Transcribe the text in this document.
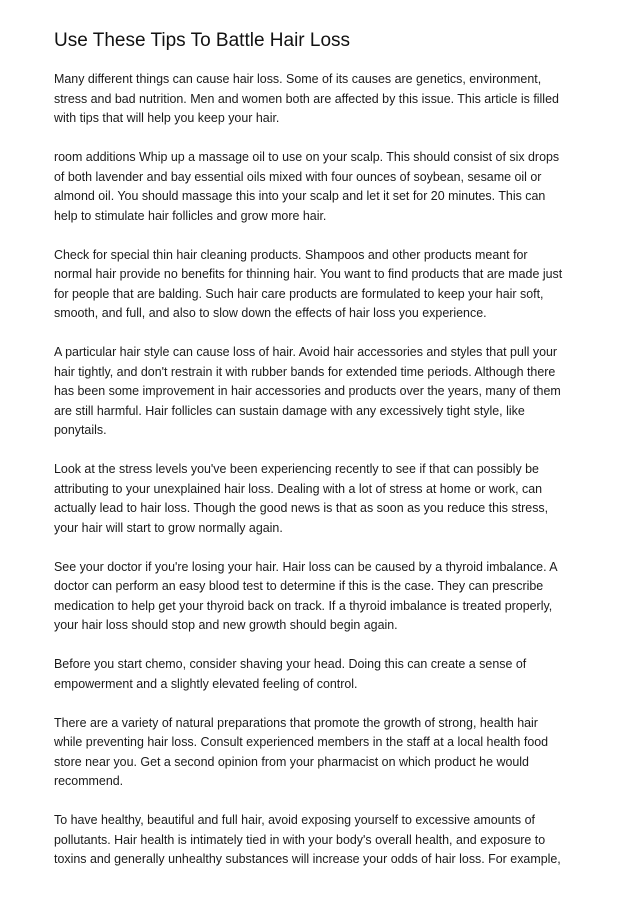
Use These Tips To Battle Hair Loss

Many different things can cause hair loss. Some of its causes are genetics, environment,
stress and bad nutrition. Men and women both are affected by this issue. This article is filled
with tips that will help you keep your hair.

room additions Whip up a massage oil to use on your scalp. This should consist of six drops
of both lavender and bay essential oils mixed with four ounces of soybean, sesame oil or
almond oil. You should massage this into your scalp and let it set for 20 minutes. This can
help to stimulate hair follicles and grow more hair.

Check for special thin hair cleaning products. Shampoos and other products meant for
normal hair provide no benefits for thinning hair. You want to find products that are made just
for people that are balding. Such hair care products are formulated to keep your hair soft,
smooth, and full, and also to slow down the effects of hair loss you experience.

A particular hair style can cause loss of hair. Avoid hair accessories and styles that pull your
hair tightly, and don't restrain it with rubber bands for extended time periods. Although there
has been some improvement in hair accessories and products over the years, many of them
are still harmful. Hair follicles can sustain damage with any excessively tight style, like
ponytails.

Look at the stress levels you've been experiencing recently to see if that can possibly be
attributing to your unexplained hair loss. Dealing with a lot of stress at home or work, can
actually lead to hair loss. Though the good news is that as soon as you reduce this stress,
your hair will start to grow normally again.

See your doctor if you're losing your hair. Hair loss can be caused by a thyroid imbalance. A
doctor can perform an easy blood test to determine if this is the case. They can prescribe
medication to help get your thyroid back on track. If a thyroid imbalance is treated properly,
your hair loss should stop and new growth should begin again.

Before you start chemo, consider shaving your head. Doing this can create a sense of
empowerment and a slightly elevated feeling of control.

There are a variety of natural preparations that promote the growth of strong, health hair
while preventing hair loss. Consult experienced members in the staff at a local health food
store near you. Get a second opinion from your pharmacist on which product he would
recommend.

To have healthy, beautiful and full hair, avoid exposing yourself to excessive amounts of
pollutants. Hair health is intimately tied in with your body's overall health, and exposure to
toxins and generally unhealthy substances will increase your odds of hair loss. For example,
